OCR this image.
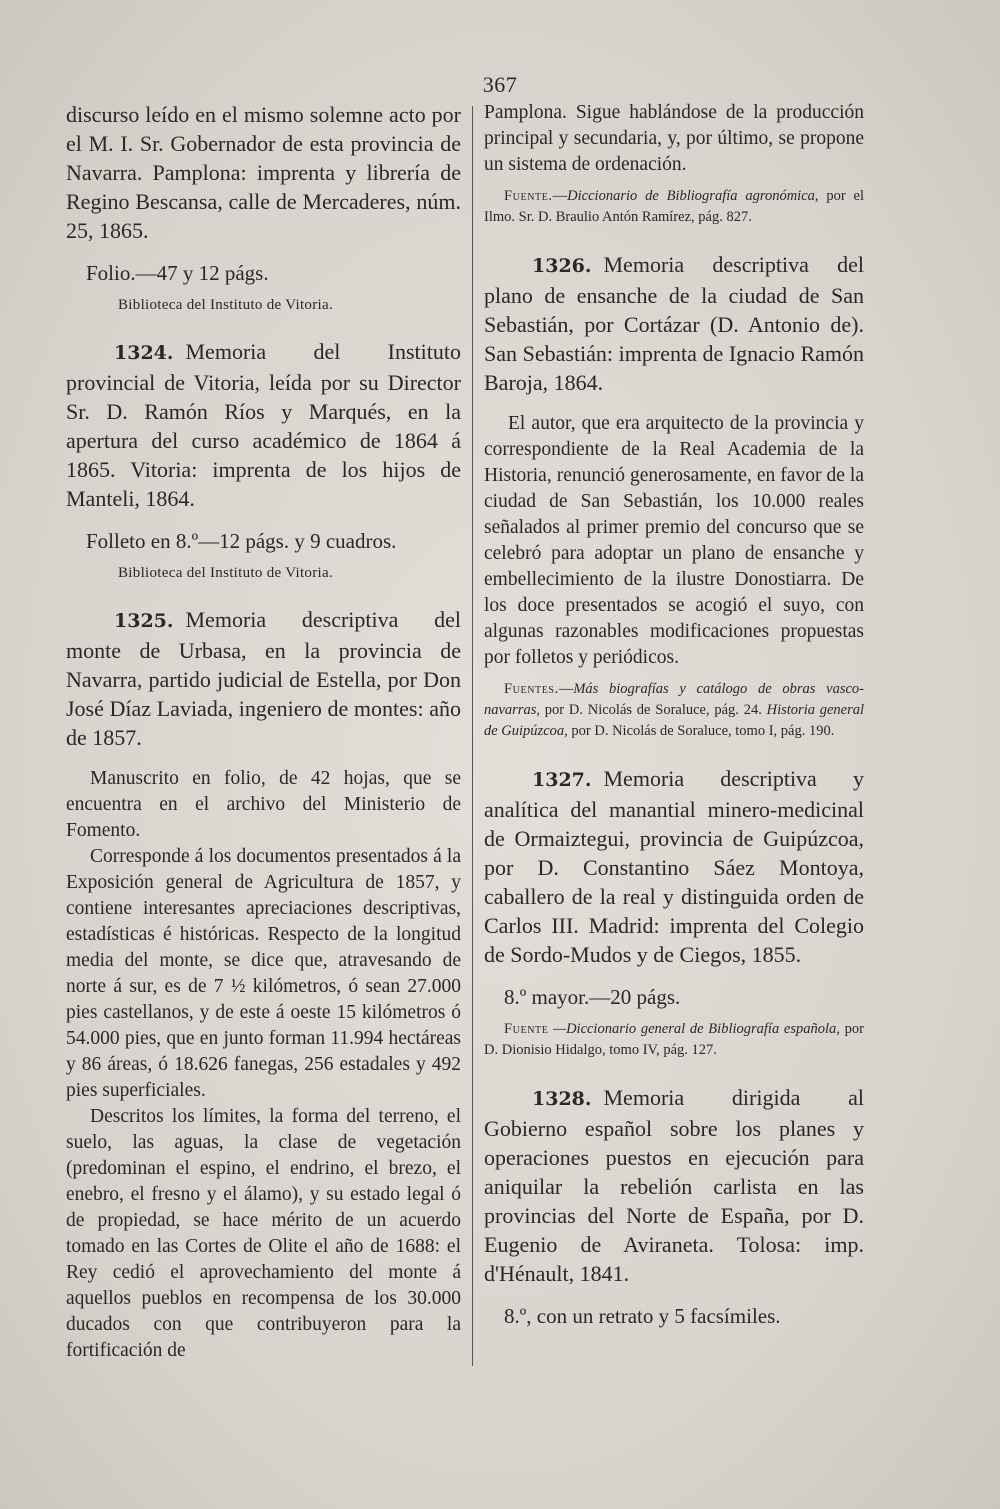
367

discurso leído en el mismo solemne acto por el M. I. Sr. Gobernador de esta provincia de Navarra. Pamplona: imprenta y librería de Regino Bescansa, calle de Mercaderes, núm. 25, 1865.

Folio.—47 y 12 págs.

Biblioteca del Instituto de Vitoria.

1324. Memoria del Instituto provincial de Vitoria, leída por su Director Sr. D. Ramón Ríos y Marqués, en la apertura del curso académico de 1864 á 1865. Vitoria: imprenta de los hijos de Manteli, 1864.

Folleto en 8.º—12 págs. y 9 cuadros.

Biblioteca del Instituto de Vitoria.

1325. Memoria descriptiva del monte de Urbasa, en la provincia de Navarra, partido judicial de Estella, por Don José Díaz Laviada, ingeniero de montes: año de 1857.

Manuscrito en folio, de 42 hojas, que se encuentra en el archivo del Ministerio de Fomento.

Corresponde á los documentos presentados á la Exposición general de Agricultura de 1857, y contiene interesantes apreciaciones descriptivas, estadísticas é históricas. Respecto de la longitud media del monte, se dice que, atravesando de norte á sur, es de 7 ½ kilómetros, ó sean 27.000 pies castellanos, y de este á oeste 15 kilómetros ó 54.000 pies, que en junto forman 11.994 hectáreas y 86 áreas, ó 18.626 fanegas, 256 estadales y 492 pies superficiales.

Descritos los límites, la forma del terreno, el suelo, las aguas, la clase de vegetación (predominan el espino, el endrino, el brezo, el enebro, el fresno y el álamo), y su estado legal ó de propiedad, se hace mérito de un acuerdo tomado en las Cortes de Olite el año de 1688: el Rey cedió el aprovechamiento del monte á aquellos pueblos en recompensa de los 30.000 ducados con que contribuyeron para la fortificación de

Pamplona. Sigue hablándose de la producción principal y secundaria, y, por último, se propone un sistema de ordenación.

Fuente.—Diccionario de Bibliografía agronómica, por el Ilmo. Sr. D. Braulio Antón Ramírez, pág. 827.

1326. Memoria descriptiva del plano de ensanche de la ciudad de San Sebastián, por Cortázar (D. Antonio de). San Sebastián: imprenta de Ignacio Ramón Baroja, 1864.

El autor, que era arquitecto de la provincia y correspondiente de la Real Academia de la Historia, renunció generosamente, en favor de la ciudad de San Sebastián, los 10.000 reales señalados al primer premio del concurso que se celebró para adoptar un plano de ensanche y embellecimiento de la ilustre Donostiarra. De los doce presentados se acogió el suyo, con algunas razonables modificaciones propuestas por folletos y periódicos.

Fuentes.—Más biografías y catálogo de obras vasco-navarras, por D. Nicolás de Soraluce, pág. 24. Historia general de Guipúzcoa, por D. Nicolás de Soraluce, tomo I, pág. 190.

1327. Memoria descriptiva y analítica del manantial minero-medicinal de Ormaiztegui, provincia de Guipúzcoa, por D. Constantino Sáez Montoya, caballero de la real y distinguida orden de Carlos III. Madrid: imprenta del Colegio de Sordo-Mudos y de Ciegos, 1855.

8.º mayor.—20 págs.

Fuente —Diccionario general de Bibliografía española, por D. Dionisio Hidalgo, tomo IV, pág. 127.

1328. Memoria dirigida al Gobierno español sobre los planes y operaciones puestos en ejecución para aniquilar la rebelión carlista en las provincias del Norte de España, por D. Eugenio de Aviraneta. Tolosa: imp. d'Hénault, 1841.

8.º, con un retrato y 5 facsímiles.
